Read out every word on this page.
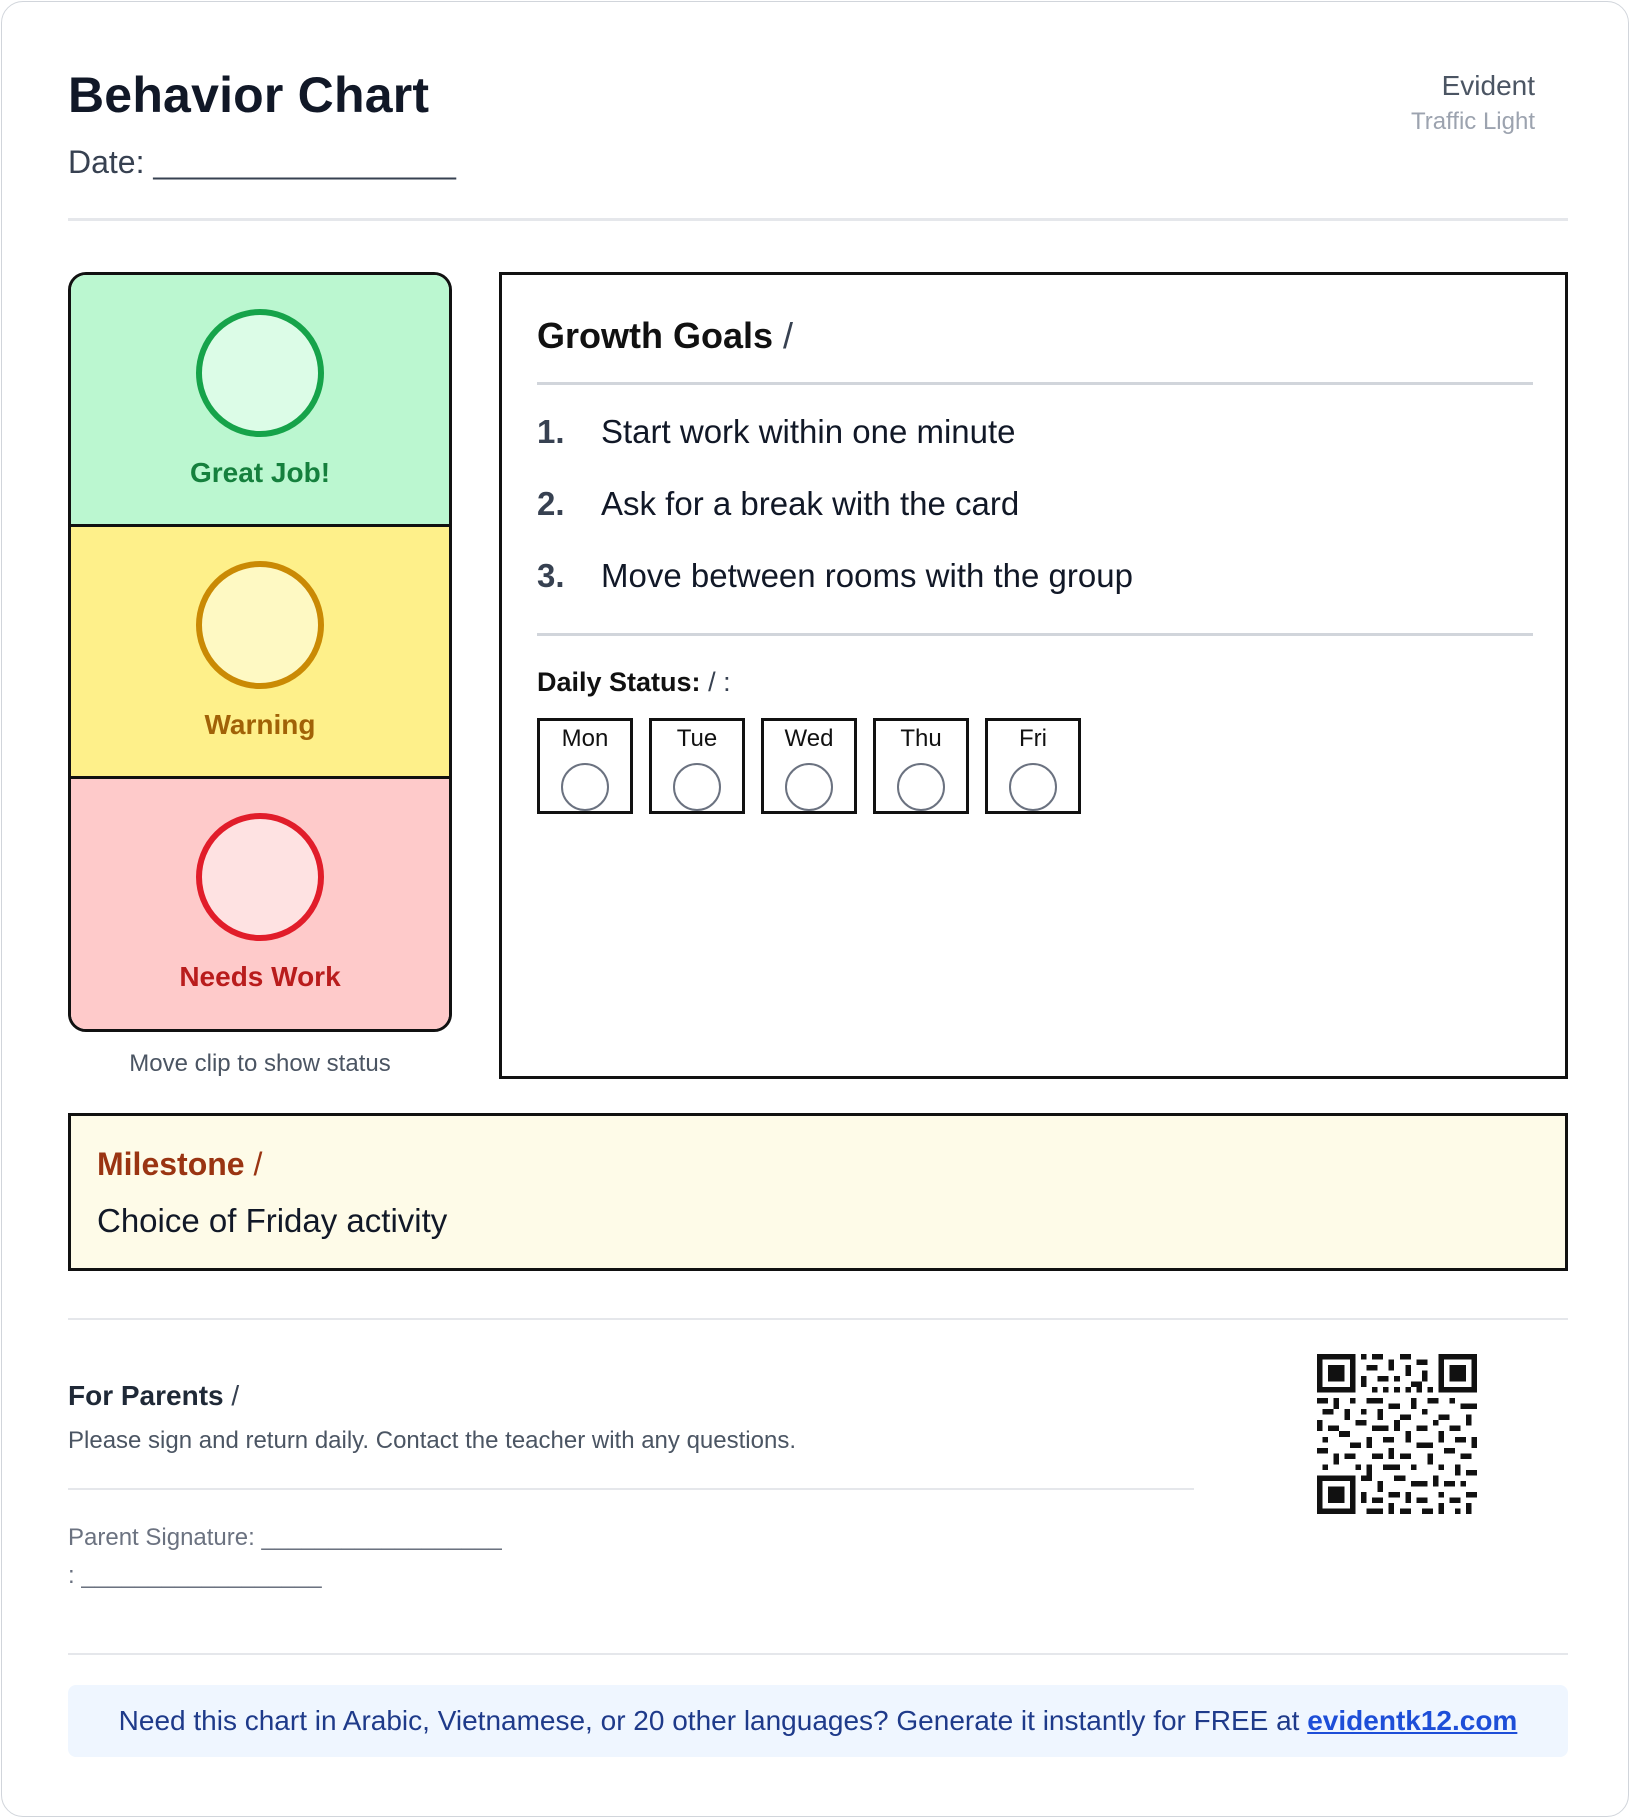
Behavior Chart
Date: _________________
Evident
Traffic Light
Great Job!
Warning
Needs Work
Move clip to show status
Growth Goals /
1. Start work within one minute
2. Ask for a break with the card
3. Move between rooms with the group
Daily Status: / :
Mon	Tue	Wed	Thu	Fri
Milestone /
Choice of Friday activity
For Parents /
Please sign and return daily. Contact the teacher with any questions.
Parent Signature: __________________
: __________________
Need this chart in Arabic, Vietnamese, or 20 other languages? Generate it instantly for FREE at evidentk12.com
